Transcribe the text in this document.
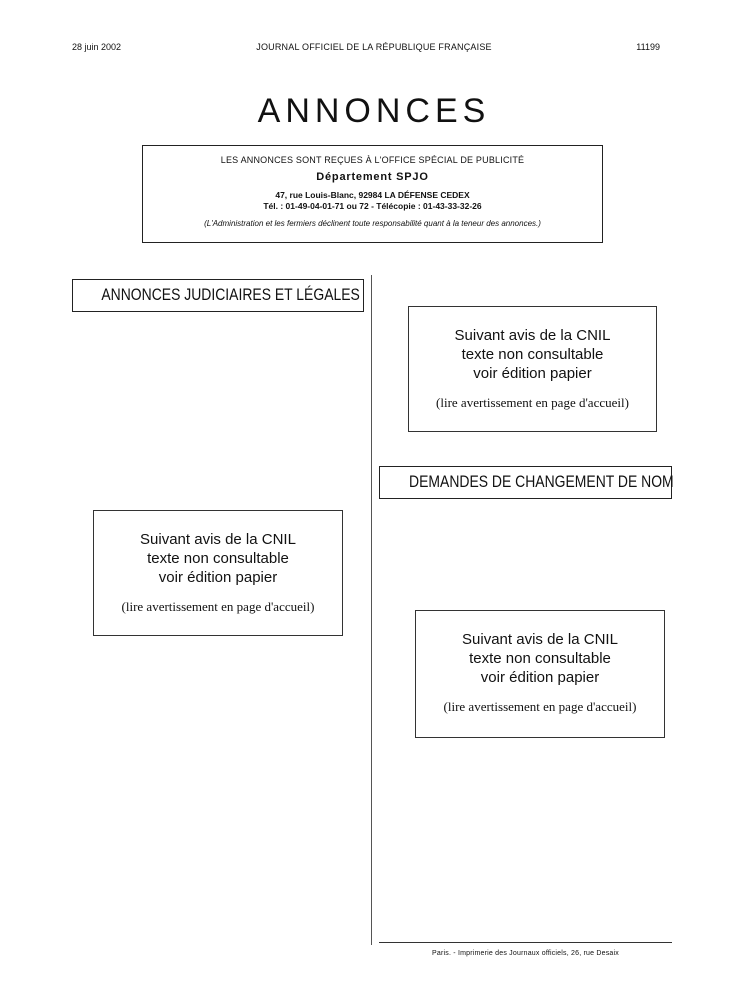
28 juin 2002	JOURNAL OFFICIEL DE LA RÉPUBLIQUE FRANÇAISE	11199
ANNONCES
LES ANNONCES SONT REÇUES À L'OFFICE SPÉCIAL DE PUBLICITÉ
Département SPJO
47, rue Louis-Blanc, 92984 LA DÉFENSE CEDEX
Tél. : 01-49-04-01-71 ou 72 - Télécopie : 01-43-33-32-26
(L'Administration et les fermiers déclinent toute responsabilité quant à la teneur des annonces.)
ANNONCES JUDICIAIRES ET LÉGALES
DEMANDES DE CHANGEMENT DE NOM
Suivant avis de la CNIL
texte non consultable
voir édition papier
(lire avertissement en page d'accueil)
Suivant avis de la CNIL
texte non consultable
voir édition papier
(lire avertissement en page d'accueil)
Suivant avis de la CNIL
texte non consultable
voir édition papier
(lire avertissement en page d'accueil)
Paris. - Imprimerie des Journaux officiels, 26, rue Desaix
